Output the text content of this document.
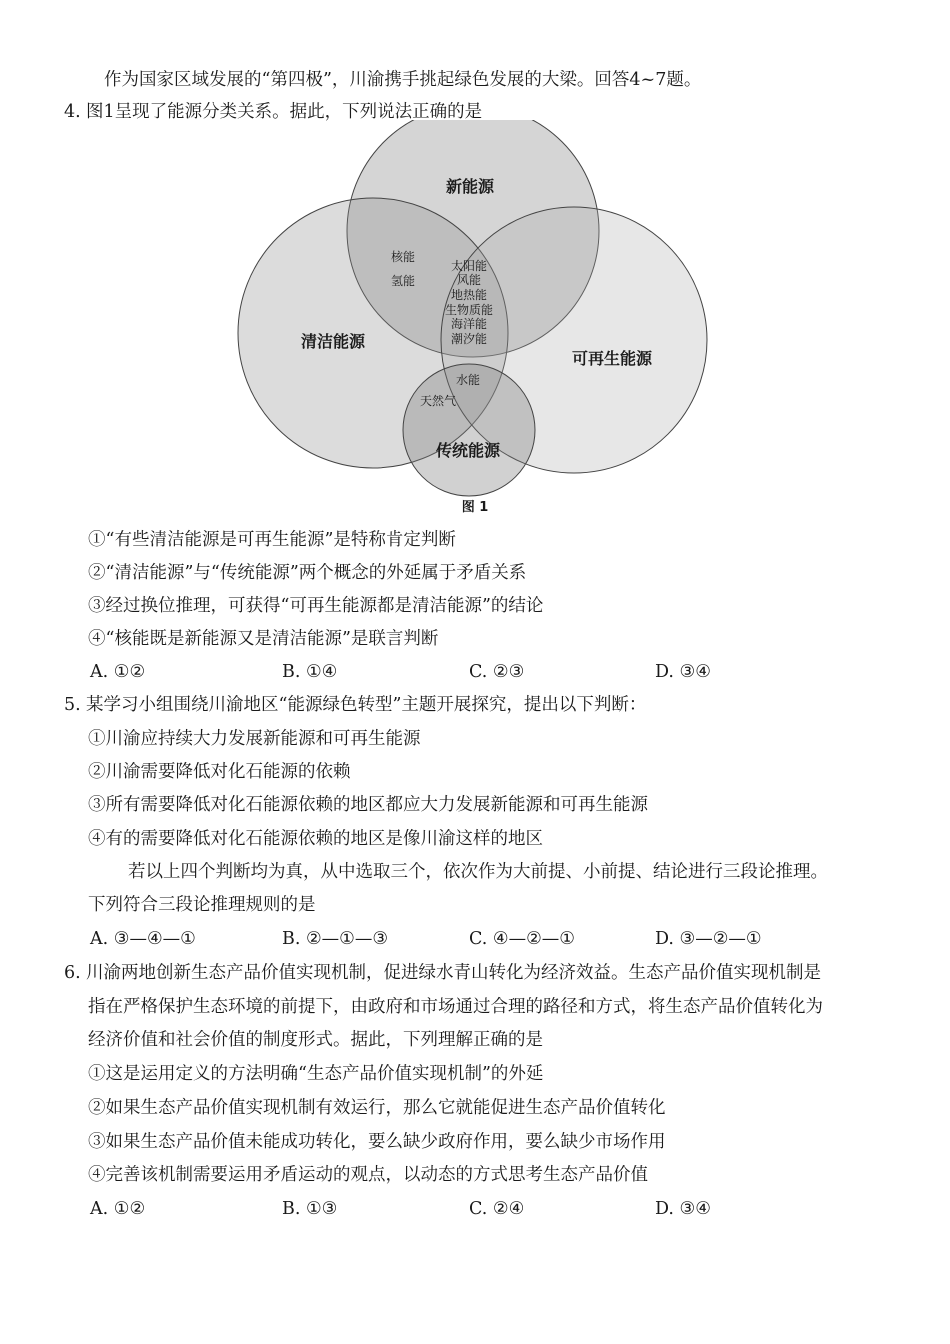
作为国家区域发展的“第四极”，川渝携手挑起绿色发展的大梁。回答4~7题。
4. 图1呈现了能源分类关系。据此，下列说法正确的是
新能源
清洁能源
可再生能源
传统能源
核能
氢能
太阳能
风能
地热能
生物质能
海洋能
潮汐能
水能
天然气
图 1
①“有些清洁能源是可再生能源”是特称肯定判断
②“清洁能源”与“传统能源”两个概念的外延属于矛盾关系
③经过换位推理，可获得“可再生能源都是清洁能源”的结论
④“核能既是新能源又是清洁能源”是联言判断
A. ①②	B. ①④	C. ②③	D. ③④
5. 某学习小组围绕川渝地区“能源绿色转型”主题开展探究，提出以下判断：
①川渝应持续大力发展新能源和可再生能源
②川渝需要降低对化石能源的依赖
③所有需要降低对化石能源依赖的地区都应大力发展新能源和可再生能源
④有的需要降低对化石能源依赖的地区是像川渝这样的地区
若以上四个判断均为真，从中选取三个，依次作为大前提、小前提、结论进行三段论推理。
下列符合三段论推理规则的是
A. ③—④—①	B. ②—①—③	C. ④—②—①	D. ③—②—①
6. 川渝两地创新生态产品价值实现机制，促进绿水青山转化为经济效益。生态产品价值实现机制是
指在严格保护生态环境的前提下，由政府和市场通过合理的路径和方式，将生态产品价值转化为
经济价值和社会价值的制度形式。据此，下列理解正确的是
①这是运用定义的方法明确“生态产品价值实现机制”的外延
②如果生态产品价值实现机制有效运行，那么它就能促进生态产品价值转化
③如果生态产品价值未能成功转化，要么缺少政府作用，要么缺少市场作用
④完善该机制需要运用矛盾运动的观点，以动态的方式思考生态产品价值
A. ①②	B. ①③	C. ②④	D. ③④
